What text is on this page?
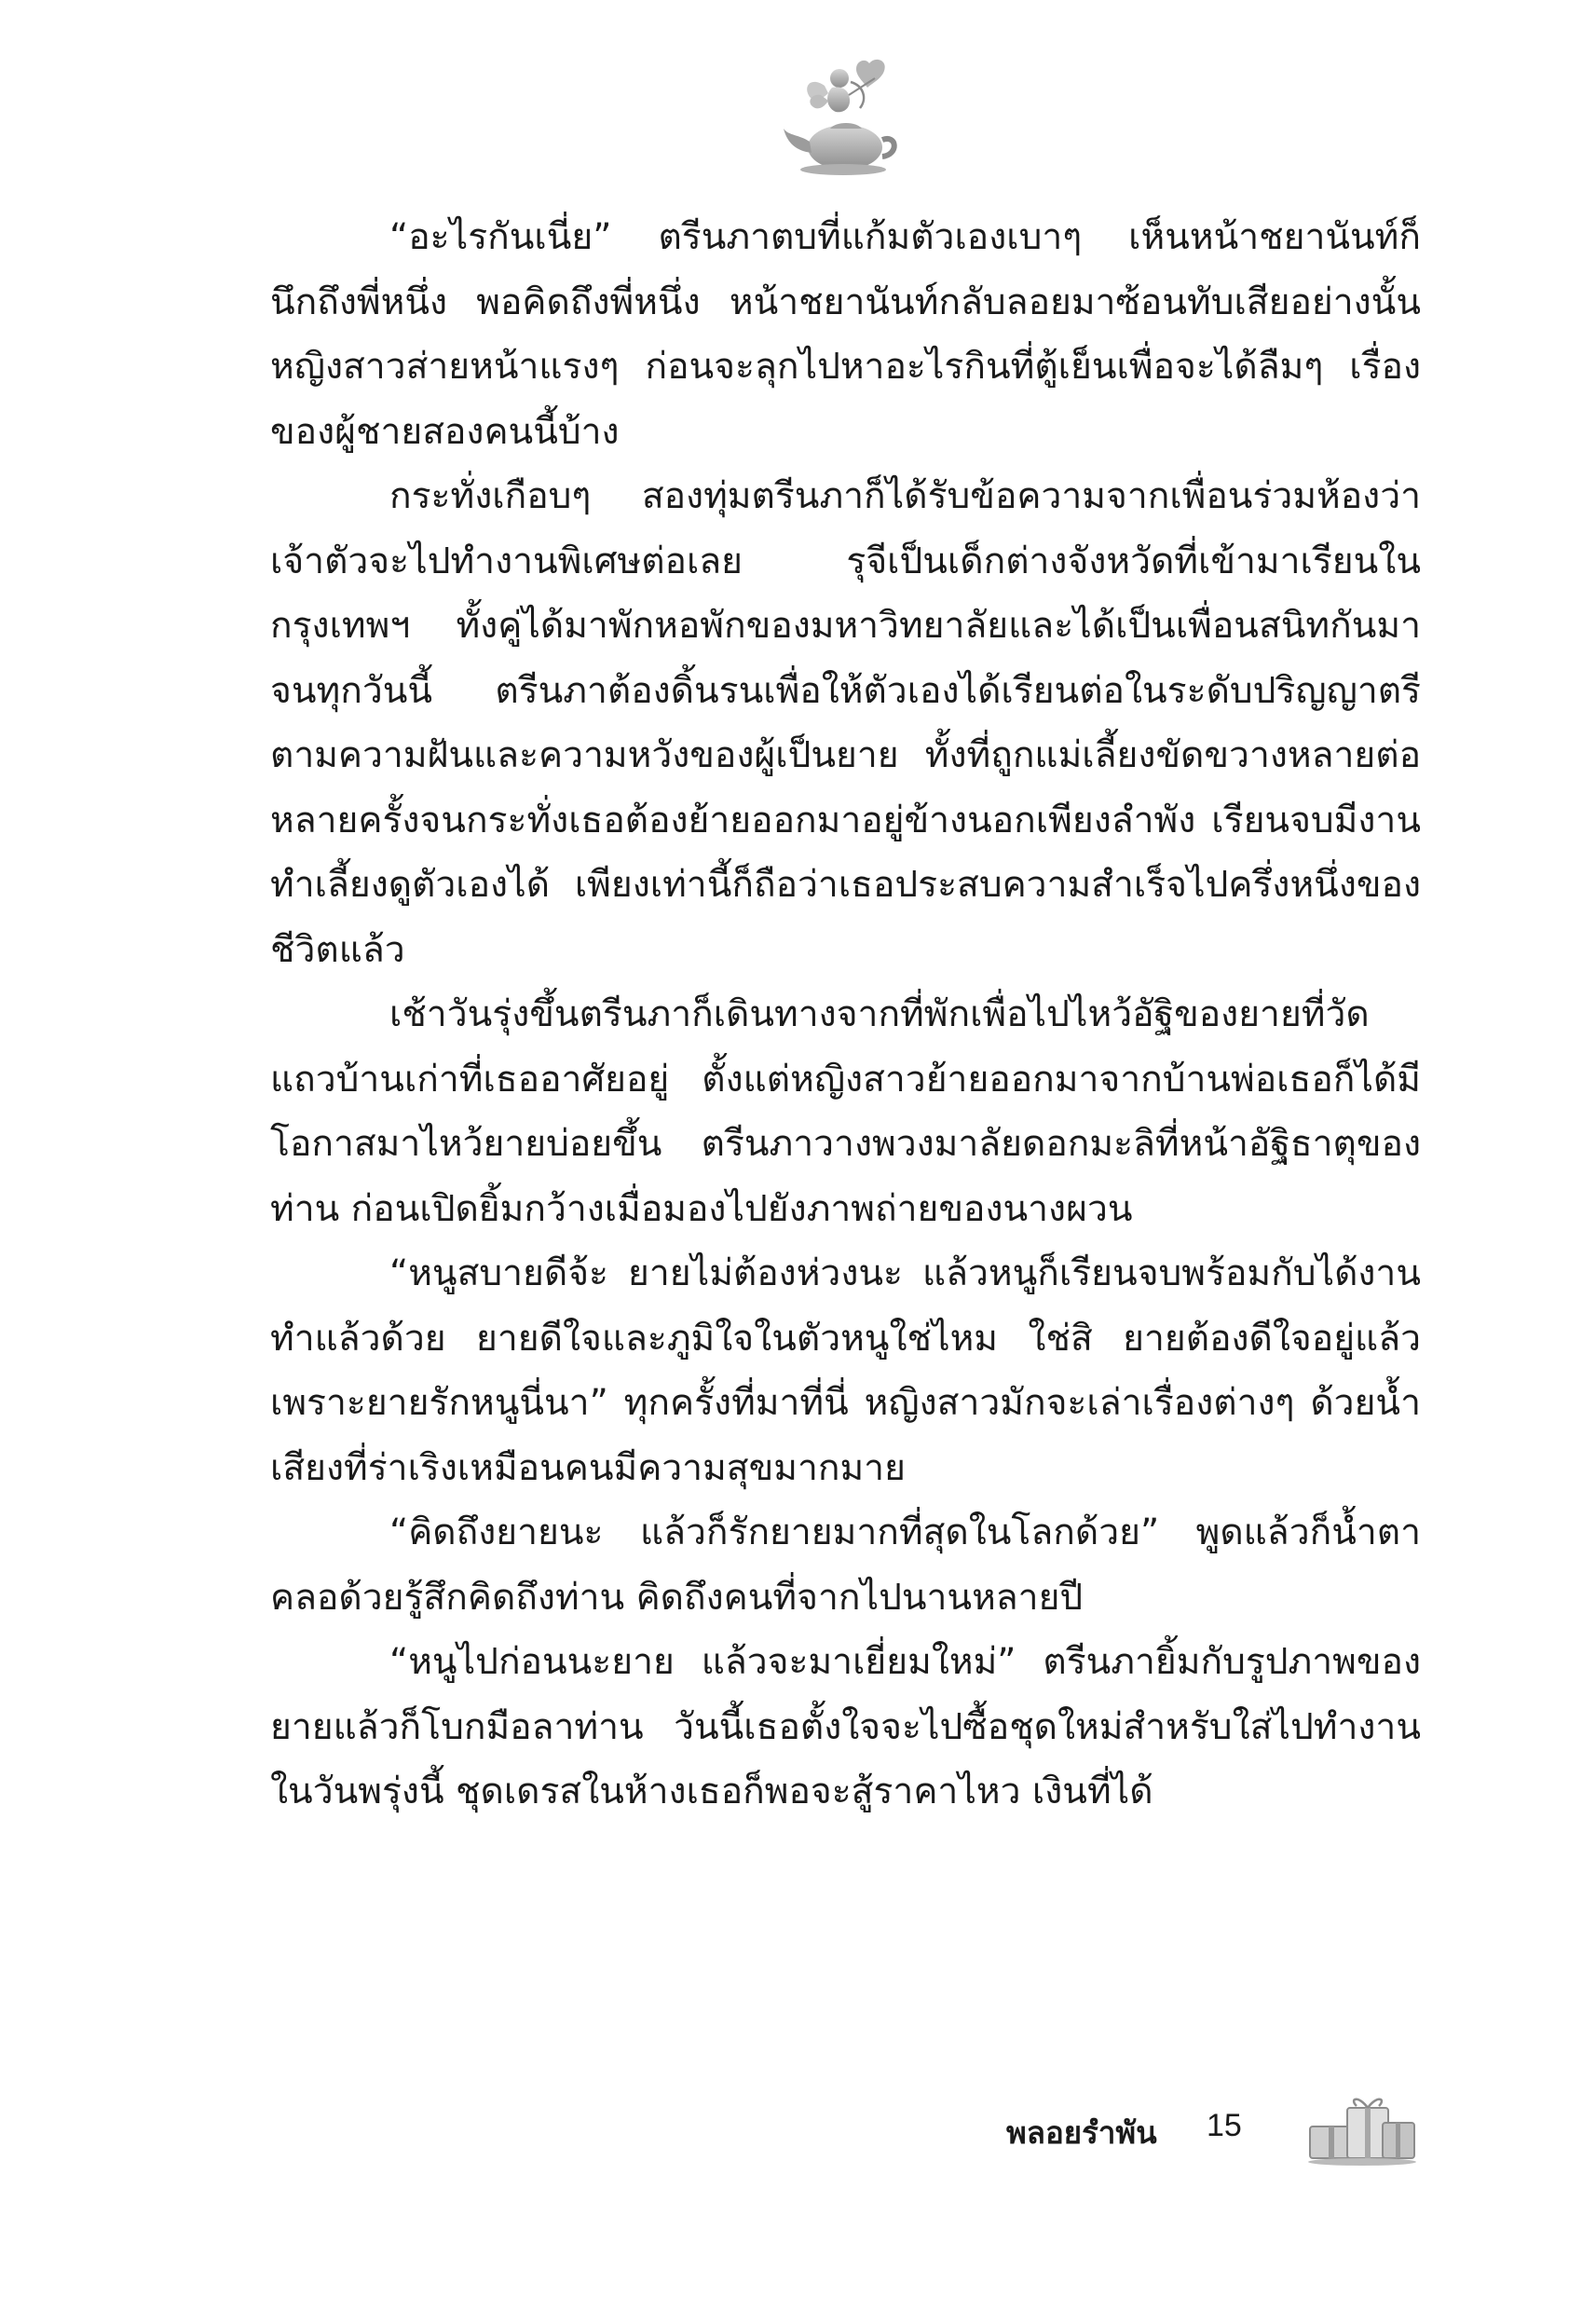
“อะไรกันเนี่ย” ตรีนภาตบที่แก้มตัวเองเบาๆ เห็นหน้าชยานันท์ก็นึกถึงพี่หนึ่ง พอคิดถึงพี่หนึ่ง หน้าชยานันท์กลับลอยมาซ้อนทับเสียอย่างนั้น หญิงสาวส่ายหน้าแรงๆ ก่อนจะลุกไปหาอะไรกินที่ตู้เย็นเพื่อจะได้ลืมๆ เรื่องของผู้ชายสองคนนี้บ้าง

กระทั่งเกือบๆ สองทุ่มตรีนภาก็ได้รับข้อความจากเพื่อนร่วมห้องว่าเจ้าตัวจะไปทำงานพิเศษต่อเลย รุจีเป็นเด็กต่างจังหวัดที่เข้ามาเรียนในกรุงเทพฯ ทั้งคู่ได้มาพักหอพักของมหาวิทยาลัยและได้เป็นเพื่อนสนิทกันมาจนทุกวันนี้ ตรีนภาต้องดิ้นรนเพื่อให้ตัวเองได้เรียนต่อในระดับปริญญาตรีตามความฝันและความหวังของผู้เป็นยาย ทั้งที่ถูกแม่เลี้ยงขัดขวางหลายต่อหลายครั้งจนกระทั่งเธอต้องย้ายออกมาอยู่ข้างนอกเพียงลำพัง เรียนจบมีงานทำเลี้ยงดูตัวเองได้ เพียงเท่านี้ก็ถือว่าเธอประสบความสำเร็จไปครึ่งหนึ่งของชีวิตแล้ว

เช้าวันรุ่งขึ้นตรีนภาก็เดินทางจากที่พักเพื่อไปไหว้อัฐิของยายที่วัดแถวบ้านเก่าที่เธออาศัยอยู่ ตั้งแต่หญิงสาวย้ายออกมาจากบ้านพ่อเธอก็ได้มีโอกาสมาไหว้ยายบ่อยขึ้น ตรีนภาวางพวงมาลัยดอกมะลิที่หน้าอัฐิธาตุของท่าน ก่อนเปิดยิ้มกว้างเมื่อมองไปยังภาพถ่ายของนางผวน

“หนูสบายดีจ้ะ ยายไม่ต้องห่วงนะ แล้วหนูก็เรียนจบพร้อมกับได้งานทำแล้วด้วย ยายดีใจและภูมิใจในตัวหนูใช่ไหม ใช่สิ ยายต้องดีใจอยู่แล้วเพราะยายรักหนูนี่นา” ทุกครั้งที่มาที่นี่ หญิงสาวมักจะเล่าเรื่องต่างๆ ด้วยน้ำเสียงที่ร่าเริงเหมือนคนมีความสุขมากมาย

“คิดถึงยายนะ แล้วก็รักยายมากที่สุดในโลกด้วย” พูดแล้วก็น้ำตาคลอด้วยรู้สึกคิดถึงท่าน คิดถึงคนที่จากไปนานหลายปี

“หนูไปก่อนนะยาย แล้วจะมาเยี่ยมใหม่” ตรีนภายิ้มกับรูปภาพของยายแล้วก็โบกมือลาท่าน วันนี้เธอตั้งใจจะไปซื้อชุดใหม่สำหรับใส่ไปทำงานในวันพรุ่งนี้ ชุดเดรสในห้างเธอก็พอจะสู้ราคาไหว เงินที่ได้

พลอยรำพัน 15
